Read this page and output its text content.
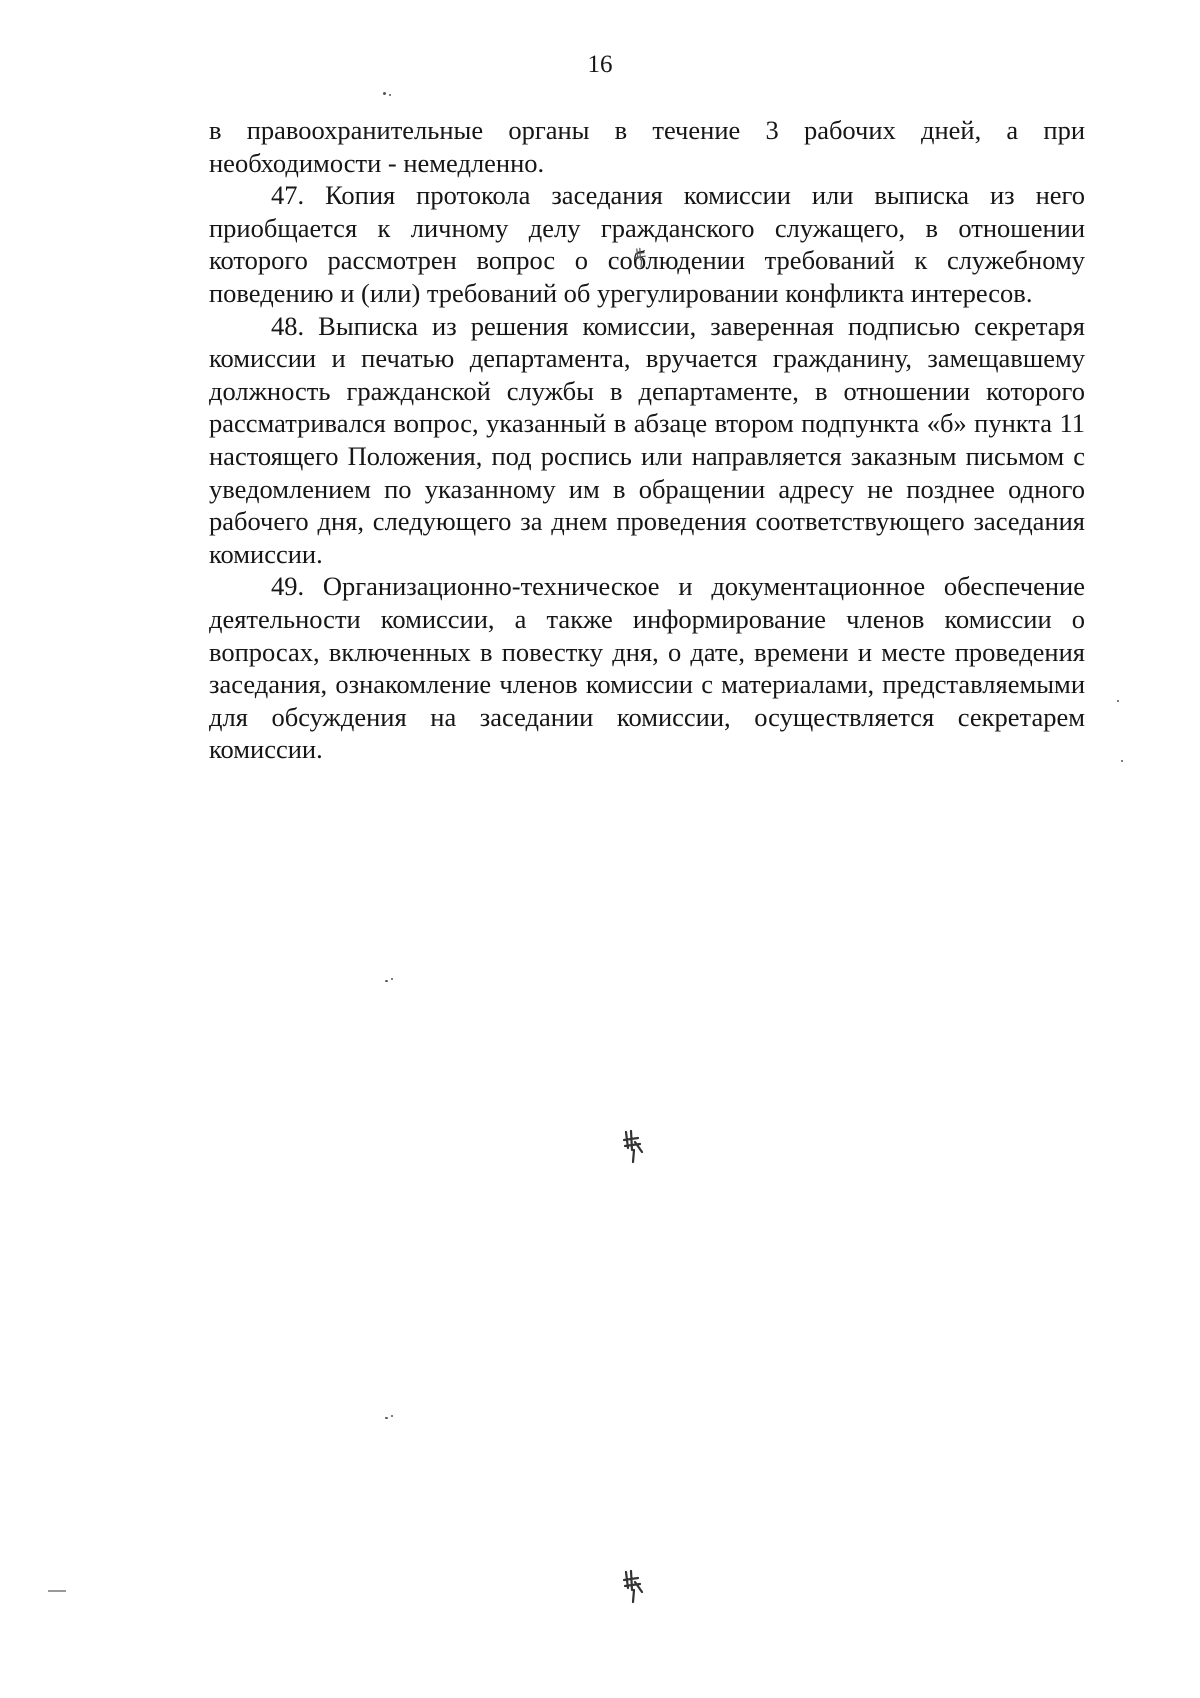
16

в правоохранительные органы в течение 3 рабочих дней, а при необходимости - немедленно.

47. Копия протокола заседания комиссии или выписка из него приобщается к личному делу гражданского служащего, в отношении которого рассмотрен вопрос о соблюдении требований к служебному поведению и (или) требований об урегулировании конфликта интересов.

48. Выписка из решения комиссии, заверенная подписью секретаря комиссии и печатью департамента, вручается гражданину, замещавшему должность гражданской службы в департаменте, в отношении которого рассматривался вопрос, указанный в абзаце втором подпункта «б» пункта 11 настоящего Положения, под роспись или направляется заказным письмом с уведомлением по указанному им в обращении адресу не позднее одного рабочего дня, следующего за днем проведения соответствующего заседания комиссии.

49. Организационно-техническое и документационное обеспечение деятельности комиссии, а также информирование членов комиссии о вопросах, включенных в повестку дня, о дате, времени и месте проведения заседания, ознакомление членов комиссии с материалами, представляемыми для обсуждения на заседании комиссии, осуществляется секретарем комиссии.
